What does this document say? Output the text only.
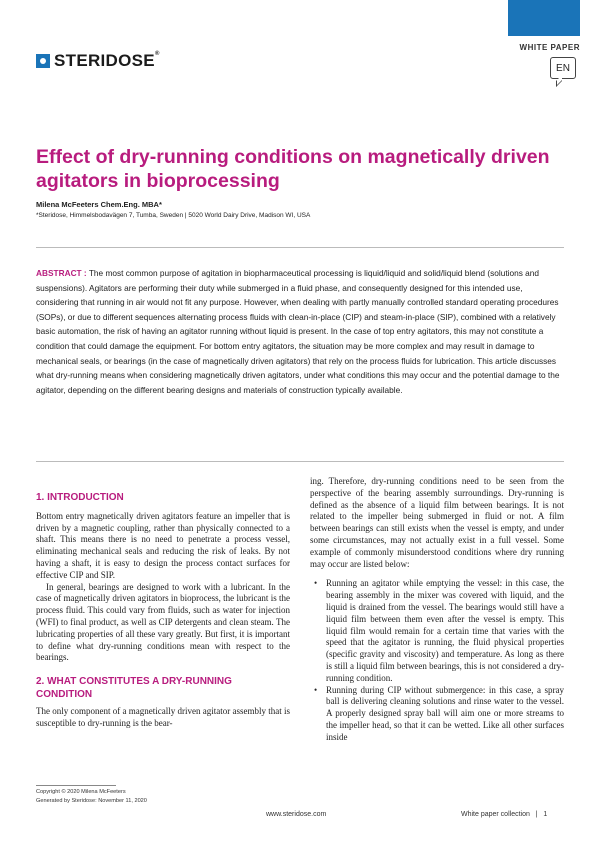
WHITE PAPER
EN
STERIDOSE®
Effect of dry-running conditions on magnetically driven agitators in bioprocessing
Milena McFeeters Chem.Eng. MBA*
*Steridose, Himmelsbodavägen 7, Tumba, Sweden | 5020 World Dairy Drive, Madison WI, USA

ABSTRACT : The most common purpose of agitation in biopharmaceutical processing is liquid/liquid and solid/liquid blend (solutions and suspensions). Agitators are performing their duty while submerged in a fluid phase, and consequently designed for this intended use, considering that running in air would not fit any purpose. However, when dealing with partly manually controlled standard operating procedures (SOPs), or due to different sequences alternating process fluids with clean-in-place (CIP) and steam-in-place (SIP), combined with a relatively basic automation, the risk of having an agitator running without liquid is present. In the case of top entry agitators, this may not constitute a condition that could damage the equipment. For bottom entry agitators, the situation may be more complex and may result in damage to mechanical seals, or bearings (in the case of magnetically driven agitators) that rely on the process fluids for lubrication. This article discusses what dry-running means when considering magnetically driven agitators, under what conditions this may occur and the potential damage to the agitator, depending on the different bearing designs and materials of construction typically available.

1. INTRODUCTION

Bottom entry magnetically driven agitators feature an impeller that is driven by a magnetic coupling, rather than physically connected to a shaft. This means there is no need to penetrate a process vessel, eliminating mechanical seals and reducing the risk of leaks. By not having a shaft, it is easy to design the process contact surfaces for effective CIP and SIP.

In general, bearings are designed to work with a lubricant. In the case of magnetically driven agitators in bioprocess, the lubricant is the process fluid. This could vary from fluids, such as water for injection (WFI) to final product, as well as CIP detergents and clean steam. The lubricating properties of all these vary greatly. But first, it is important to define what dry-running conditions mean with respect to the bearings.

2. WHAT CONSTITUTES A DRY-RUNNING CONDITION

The only component of a magnetically driven agitator assembly that is susceptible to dry-running is the bear-

ing. Therefore, dry-running conditions need to be seen from the perspective of the bearing assembly surroundings. Dry-running is defined as the absence of a liquid film between bearings. It is not related to the impeller being submerged in fluid or not. A film between bearings can still exists when the vessel is empty, and under some circumstances, may not actually exist in a full vessel. Some example of commonly misunderstood conditions where dry running may occur are listed below:

• Running an agitator while emptying the vessel: in this case, the bearing assembly in the mixer was covered with liquid, and the liquid is drained from the vessel. The bearings would still have a liquid film between them even after the vessel is empty. This liquid film would remain for a certain time that varies with the speed that the agitator is running, the fluid physical properties (specific gravity and viscosity) and temperature. As long as there is still a liquid film between bearings, this is not considered a dry-running condition.
• Running during CIP without submergence: in this case, a spray ball is delivering cleaning solutions and rinse water to the vessel. A properly designed spray ball will aim one or more streams to the impeller head, so that it can be wetted. Like all other surfaces inside
Copyright © 2020 Milena McFeeters
Generated by Steridose: November 11, 2020
www.steridose.com	White paper collection | 1
